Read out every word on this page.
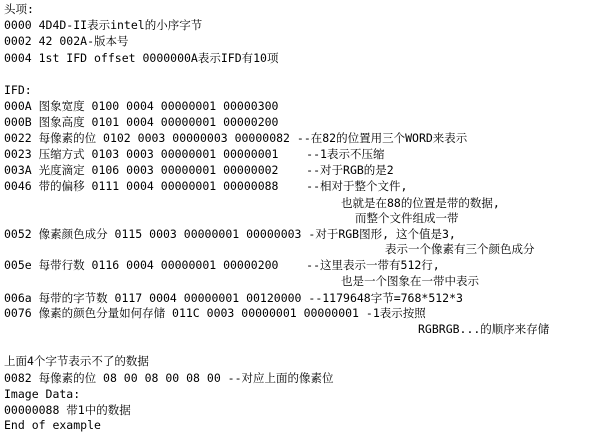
头项:
0000 4D4D-II表示intel的小序字节
0002 42 002A-版本号
0004 1st IFD offset 0000000A表示IFD有10项
IFD:
000A 图象宽度 0100 0004 00000001 00000300
000B 图象高度 0101 0004 00000001 00000200
0022 每像素的位 0102 0003 00000003 00000082 --在82的位置用三个WORD来表示
0023 压缩方式 0103 0003 00000001 00000001    --1表示不压缩
003A 光度滴定 0106 0003 00000001 00000002    --对于RGB的是2
0046 带的偏移 0111 0004 00000001 00000088    --相对于整个文件,
也就是在88的位置是带的数据,
而整个文件组成一带
0052 像素颜色成分 0115 0003 00000001 00000003 -对于RGB图形, 这个值是3,
表示一个像素有三个颜色成分
005e 每带行数 0116 0004 00000001 00000200    --这里表示一带有512行,
也是一个图象在一带中表示
006a 每带的字节数 0117 0004 00000001 00120000 --1179648字节=768*512*3
0076 像素的颜色分量如何存储 011C 0003 00000001 00000001 -1表示按照
RGBRGB...的顺序来存储
上面4个字节表示不了的数据
0082 每像素的位 08 00 08 00 08 00 --对应上面的像素位
Image Data:
00000088 带1中的数据
End of example
